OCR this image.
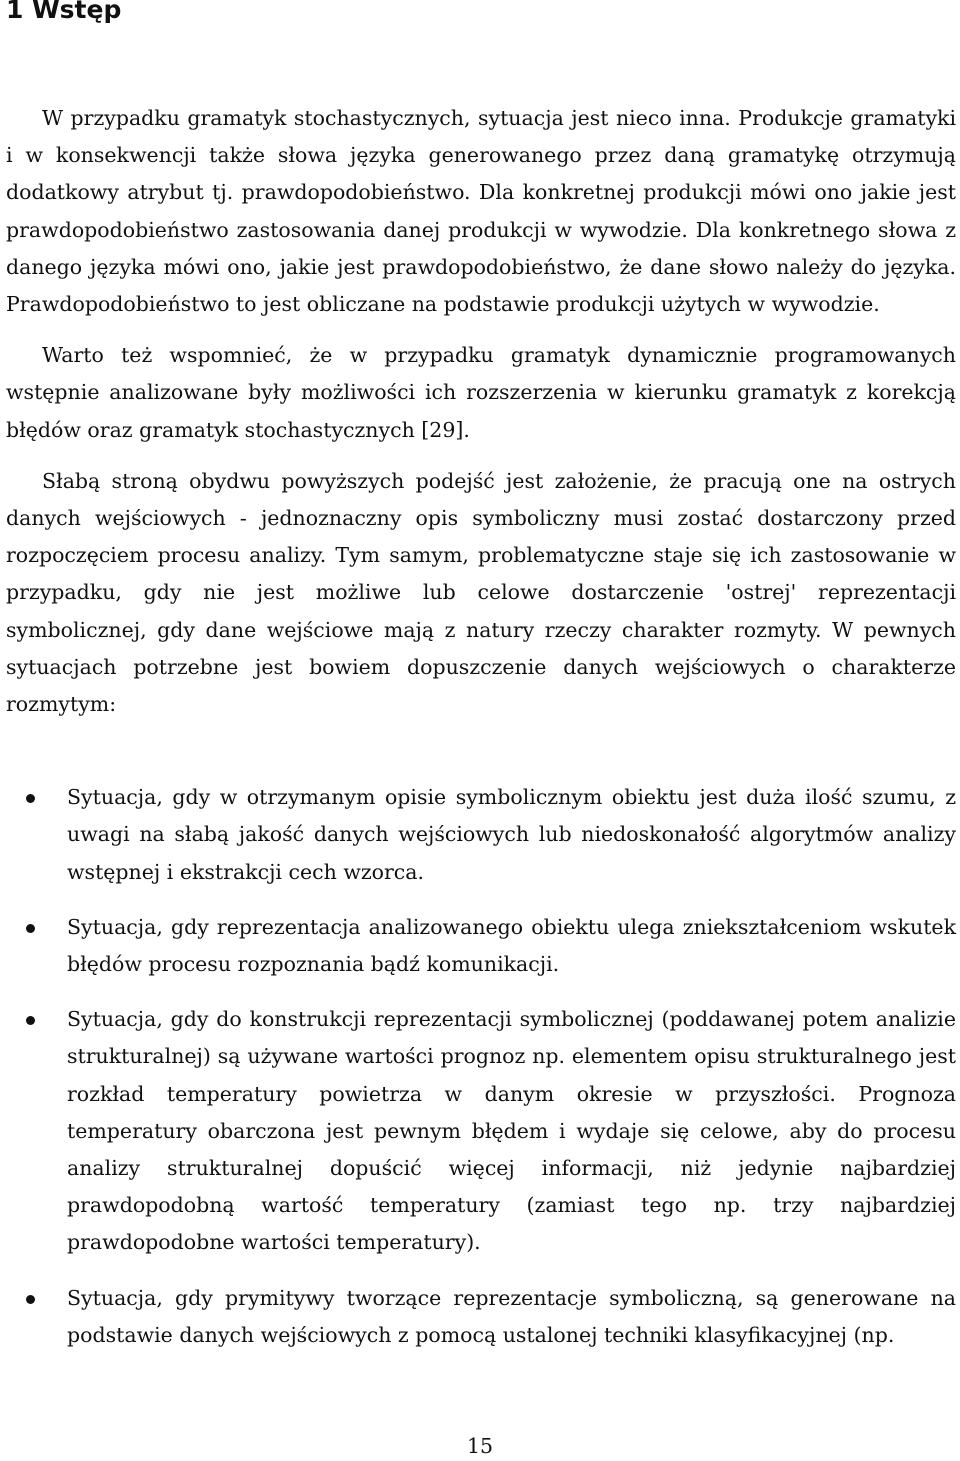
1 Wstęp

W przypadku gramatyk stochastycznych, sytuacja jest nieco inna. Produkcje gramatyki i w konsekwencji także słowa języka generowanego przez daną gramatykę otrzymują dodatkowy atrybut tj. prawdopodobieństwo. Dla konkretnej produkcji mówi ono jakie jest prawdopodobieństwo zastosowania danej produkcji w wywodzie. Dla konkretnego słowa z danego języka mówi ono, jakie jest prawdopodobieństwo, że dane słowo należy do języka. Prawdopodobieństwo to jest obliczane na podstawie produkcji użytych w wywodzie.

Warto też wspomnieć, że w przypadku gramatyk dynamicznie programowanych wstępnie analizowane były możliwości ich rozszerzenia w kierunku gramatyk z korekcją błędów oraz gramatyk stochastycznych [29].

Słabą stroną obydwu powyższych podejść jest założenie, że pracują one na ostrych danych wejściowych - jednoznaczny opis symboliczny musi zostać dostarczony przed rozpoczęciem procesu analizy. Tym samym, problematyczne staje się ich zastosowanie w przypadku, gdy nie jest możliwe lub celowe dostarczenie 'ostrej' reprezentacji symbolicznej, gdy dane wejściowe mają z natury rzeczy charakter rozmyty. W pewnych sytuacjach potrzebne jest bowiem dopuszczenie danych wejściowych o charakterze rozmytym:

Sytuacja, gdy w otrzymanym opisie symbolicznym obiektu jest duża ilość szumu, z uwagi na słabą jakość danych wejściowych lub niedoskonałość algorytmów analizy wstępnej i ekstrakcji cech wzorca.
Sytuacja, gdy reprezentacja analizowanego obiektu ulega zniekształceniom wskutek błędów procesu rozpoznania bądź komunikacji.
Sytuacja, gdy do konstrukcji reprezentacji symbolicznej (poddawanej potem analizie strukturalnej) są używane wartości prognoz np. elementem opisu strukturalnego jest rozkład temperatury powietrza w danym okresie w przyszłości. Prognoza temperatury obarczona jest pewnym błędem i wydaje się celowe, aby do procesu analizy strukturalnej dopuścić więcej informacji, niż jedynie najbardziej prawdopodobną wartość temperatury (zamiast tego np. trzy najbardziej prawdopodobne wartości temperatury).
Sytuacja, gdy prymitywy tworzące reprezentacje symboliczną, są generowane na podstawie danych wejściowych z pomocą ustalonej techniki klasyfikacyjnej (np.
15
